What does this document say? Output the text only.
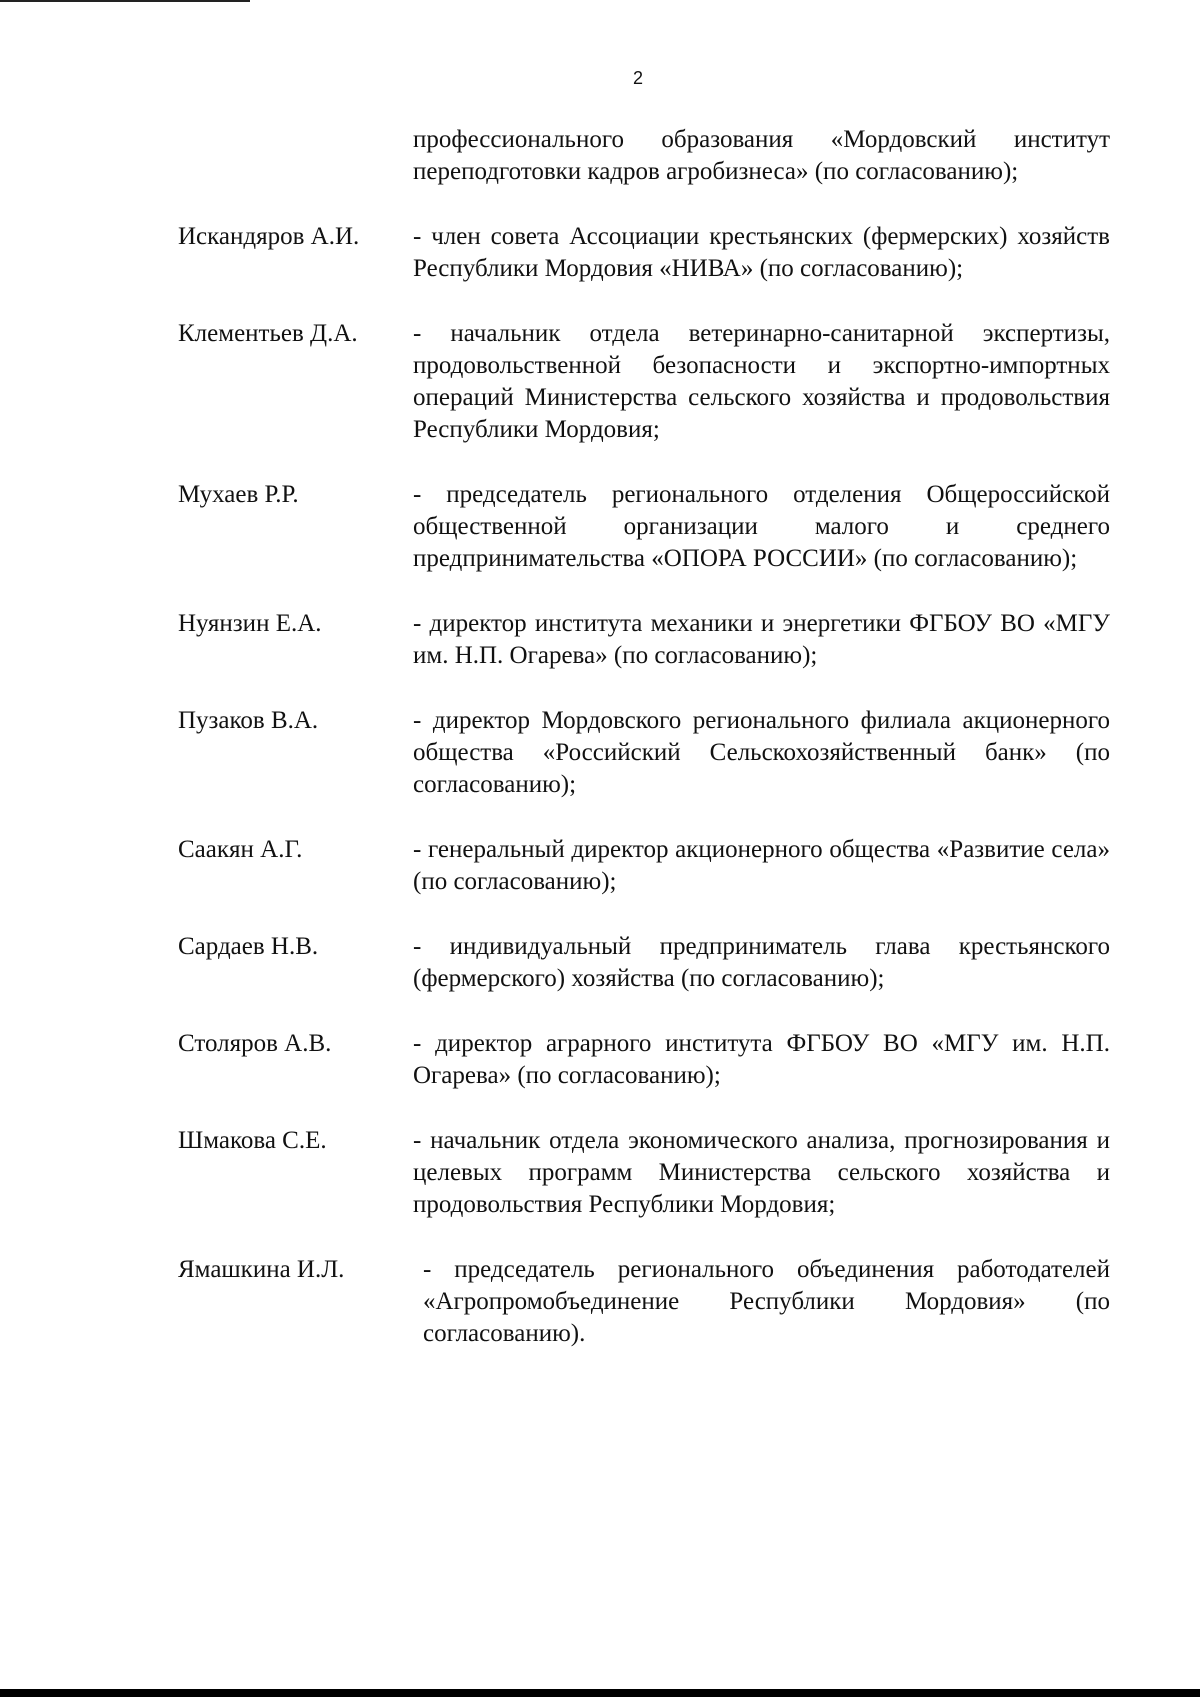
2
профессионального образования «Мордовский институт переподготовки кадров агробизнеса» (по согласованию);
Искандяров А.И.	- член совета Ассоциации крестьянских (фермерских) хозяйств Республики Мордовия «НИВА» (по согласованию);
Клементьев Д.А.	- начальник отдела ветеринарно-санитарной экспертизы, продовольственной безопасности и экспортно-импортных операций Министерства сельского хозяйства и продовольствия Республики Мордовия;
Мухаев Р.Р.	- председатель регионального отделения Общероссийской общественной организации малого и среднего предпринимательства «ОПОРА РОССИИ» (по согласованию);
Нуянзин Е.А.	- директор института механики и энергетики ФГБОУ ВО «МГУ им. Н.П. Огарева» (по согласованию);
Пузаков В.А.	- директор Мордовского регионального филиала акционерного общества «Российский Сельскохозяйственный банк» (по согласованию);
Саакян А.Г.	- генеральный директор акционерного общества «Развитие села» (по согласованию);
Сардаев Н.В.	- индивидуальный предприниматель глава крестьянского (фермерского) хозяйства (по согласованию);
Столяров А.В.	- директор аграрного института ФГБОУ ВО «МГУ им. Н.П. Огарева» (по согласованию);
Шмакова С.Е.	- начальник отдела экономического анализа, прогнозирования и целевых программ Министерства сельского хозяйства и продовольствия Республики Мордовия;
Ямашкина И.Л.	- председатель регионального объединения работодателей «Агропромобъединение Республики Мордовия» (по согласованию).
